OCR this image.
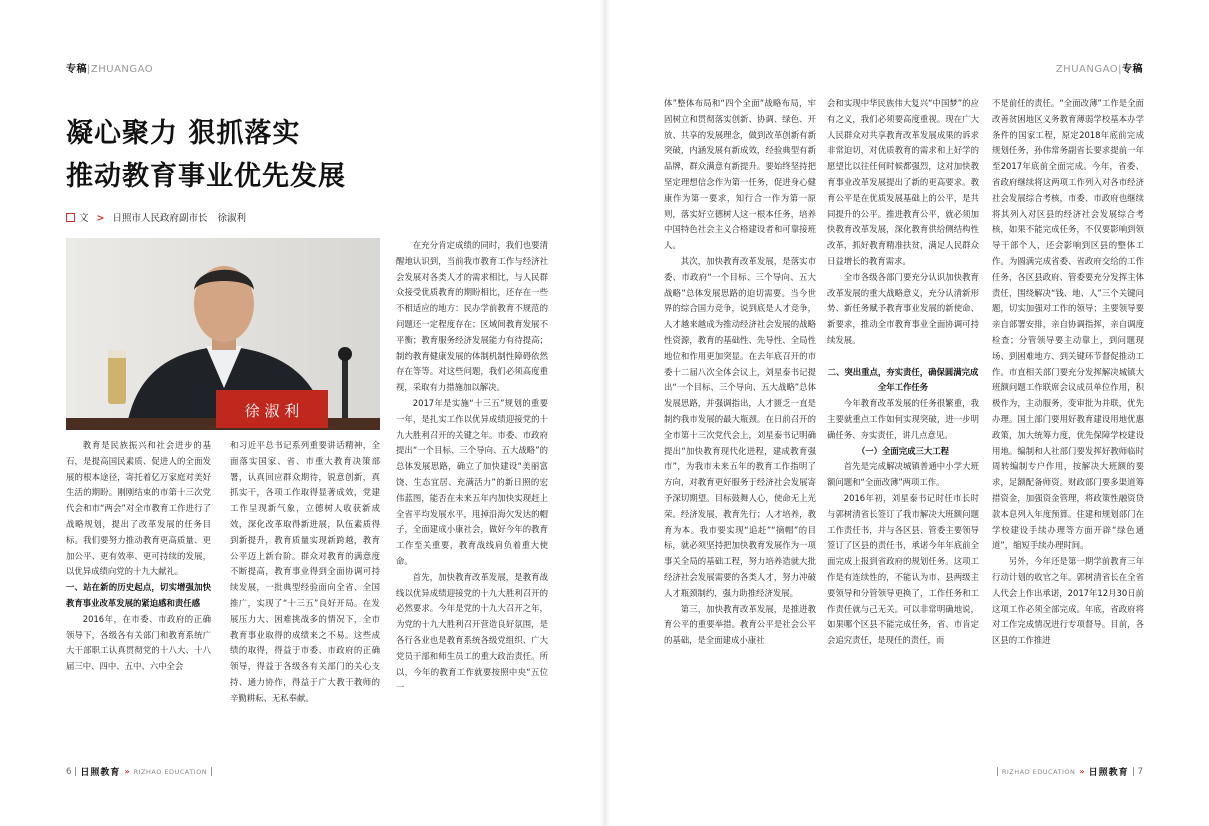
专稿|ZHUANGAO
凝心聚力 狠抓落实
推动教育事业优先发展
文 > 日照市人民政府副市长 徐淑利
徐 淑 利

教育是民族振兴和社会进步的基石，是提高国民素质、促进人的全面发展的根本途径，寄托着亿万家庭对美好生活的期盼。刚刚结束的市第十三次党代会和市“两会”对全市教育工作进行了战略规划，提出了改革发展的任务目标。我们要努力推动教育更高质量、更加公平、更有效率、更可持续的发展，以优异成绩向党的十九大献礼。

一、站在新的历史起点，切实增强加快教育事业改革发展的紧迫感和责任感

2016年，在市委、市政府的正确领导下，各级各有关部门和教育系统广大干部职工认真贯彻党的十八大、十八届三中、四中、五中、六中全会

和习近平总书记系列重要讲话精神，全面落实国家、省、市重大教育决策部署，认真回应群众期待，锐意创新，真抓实干，各项工作取得显著成效，党建工作呈现新气象，立德树人收获新成效，深化改革取得新进展，队伍素质得到新提升，教育质量实现新跨越，教育公平迈上新台阶。群众对教育的满意度不断提高，教育事业得到全面协调可持续发展，一批典型经验面向全省、全国推广，实现了“十三五”良好开局。在发展压力大、困难挑战多的情况下，全市教育事业取得的成绩来之不易。这些成绩的取得，得益于市委、市政府的正确领导，得益于各级各有关部门的关心支持、通力协作，得益于广大教干教师的辛勤耕耘、无私奉献。

在充分肯定成绩的同时，我们也要清醒地认识到，当前我市教育工作与经济社会发展对各类人才的需求相比，与人民群众接受优质教育的期盼相比，还存在一些不相适应的地方：民办学前教育不规范的问题还一定程度存在；区域间教育发展不平衡；教育服务经济发展能力有待提高；制约教育健康发展的体制机制性障碍依然存在等等。对这些问题，我们必须高度重视，采取有力措施加以解决。

2017年是实施“十三五”规划的重要一年，是扎实工作以优异成绩迎接党的十九大胜利召开的关键之年。市委、市政府提出“一个目标、三个导向、五大战略”的总体发展思路，确立了加快建设“美丽富饶、生态宜居、充满活力”的新日照的宏伟蓝图，能否在未来五年内加快实现赶上全省平均发展水平，甩掉沿海欠发达的帽子，全面建成小康社会，做好今年的教育工作至关重要，教育战线肩负着重大使命。

首先，加快教育改革发展，是教育战线以优异成绩迎接党的十九大胜利召开的必然要求。今年是党的十九大召开之年，为党的十九大胜利召开营造良好氛围，是各行各业也是教育系统各级党组织、广大党员干部和师生员工的重大政治责任。所以，今年的教育工作就要按照中央“五位一

6 日照教育 » RIZHAO EDUCATION
ZHUANGAO|专稿

体”整体布局和“四个全面”战略布局，牢固树立和贯彻落实创新、协调、绿色、开放、共享的发展理念，做到改革创新有新突破，内涵发展有新成效，经验典型有新品牌，群众满意有新提升。要始终坚持把坚定理想信念作为第一任务，促进身心健康作为第一要求，知行合一作为第一原则，落实好立德树人这一根本任务，培养中国特色社会主义合格建设者和可靠接班人。

其次，加快教育改革发展，是落实市委、市政府“一个目标、三个导向、五大战略”总体发展思路的迫切需要。当今世界的综合国力竞争，说到底是人才竞争，人才越来越成为推动经济社会发展的战略性资源，教育的基础性、先导性、全局性地位和作用更加突显。在去年底召开的市委十二届八次全体会议上，刘星泰书记提出“一个目标、三个导向、五大战略”总体发展思路，并强调指出，人才匮乏一直是制约我市发展的最大瓶颈。在日前召开的全市第十三次党代会上，刘星泰书记明确提出“加快教育现代化进程，建成教育强市”，为我市未来五年的教育工作指明了方向，对教育更好服务于经济社会发展寄予深切期望。目标鼓舞人心，使命无上光荣。经济发展，教育先行；人才培养，教育为本。我市要实现“追赶”“摘帽”的目标，就必须坚持把加快教育发展作为一项事关全局的基础工程，努力培养造就大批经济社会发展需要的各类人才，努力冲破人才瓶颈制约，强力助推经济发展。

第三，加快教育改革发展，是推进教育公平的重要举措。教育公平是社会公平的基础，是全面建成小康社

会和实现中华民族伟大复兴“中国梦”的应有之义，我们必须要高度重视。现在广大人民群众对共享教育改革发展成果的诉求非常迫切，对优质教育的需求和上好学的愿望比以往任何时候都强烈，这对加快教育事业改革发展提出了新的更高要求。教育公平是在优质发展基础上的公平，是共同提升的公平。推进教育公平，就必须加快教育改革发展，深化教育供给侧结构性改革，抓好教育精准扶贫，满足人民群众日益增长的教育需求。

全市各级各部门要充分认识加快教育改革发展的重大战略意义，充分认清新形势、新任务赋予教育事业发展的新使命、新要求，推动全市教育事业全面协调可持续发展。

二、突出重点，夯实责任，确保圆满完成全年工作任务

今年教育改革发展的任务很繁重，我主要就重点工作如何实现突破，进一步明确任务、夯实责任，讲几点意见。

（一）全面完成三大工程

首先是完成解决城镇普通中小学大班额问题和“全面改薄”两项工作。

2016年初，刘星泰书记时任市长时与郭树清省长签订了我市解决大班额问题工作责任书，并与各区县、管委主要领导签订了区县的责任书，承诺今年年底前全面完成上报到省政府的规划任务。这项工作是有连续性的，不能认为市、县两级主要领导和分管领导更换了，工作任务和工作责任就与己无关。可以非常明确地说，如果哪个区县不能完成任务，省、市肯定会追究责任，是现任的责任，而

不是前任的责任。“全面改薄”工作是全面改善贫困地区义务教育薄弱学校基本办学条件的国家工程，原定2018年底前完成规划任务，孙伟常务副省长要求提前一年至2017年底前全面完成。今年，省委、省政府继续将这两项工作列入对各市经济社会发展综合考核，市委、市政府也继续将其列入对区县的经济社会发展综合考核，如果不能完成任务，不仅要影响到领导干部个人，还会影响到区县的整体工作。为圆满完成省委、省政府交给的工作任务，各区县政府、管委要充分发挥主体责任，围绕解决“钱、地、人”三个关键问题，切实加强对工作的领导；主要领导要亲自部署安排，亲自协调指挥，亲自调度检查；分管领导要主动靠上，到问题现场、到困难地方、到关键环节督促推动工作。市直相关部门要充分发挥解决城镇大班额问题工作联席会议成员单位作用，积极作为，主动服务，变审批为并联，优先办理。国土部门要用好教育建设用地优惠政策，加大统筹力度，优先保障学校建设用地。编制和人社部门要发挥好教师临时周转编制专户作用，按解决大班额的要求，足额配备师资。财政部门要多渠道筹措资金，加强资金管理，将政策性融资贷款本息列入年度预算。住建和规划部门在学校建设手续办理等方面开辟“绿色通道”，缩短手续办理时间。

另外，今年还是第一期学前教育三年行动计划的收官之年。郭树清省长在全省人代会上作出承诺，2017年12月30日前这项工作必须全部完成。年底，省政府将对工作完成情况进行专项督导。目前，各区县的工作推进

RIZHAO EDUCATION » 日照教育 7
